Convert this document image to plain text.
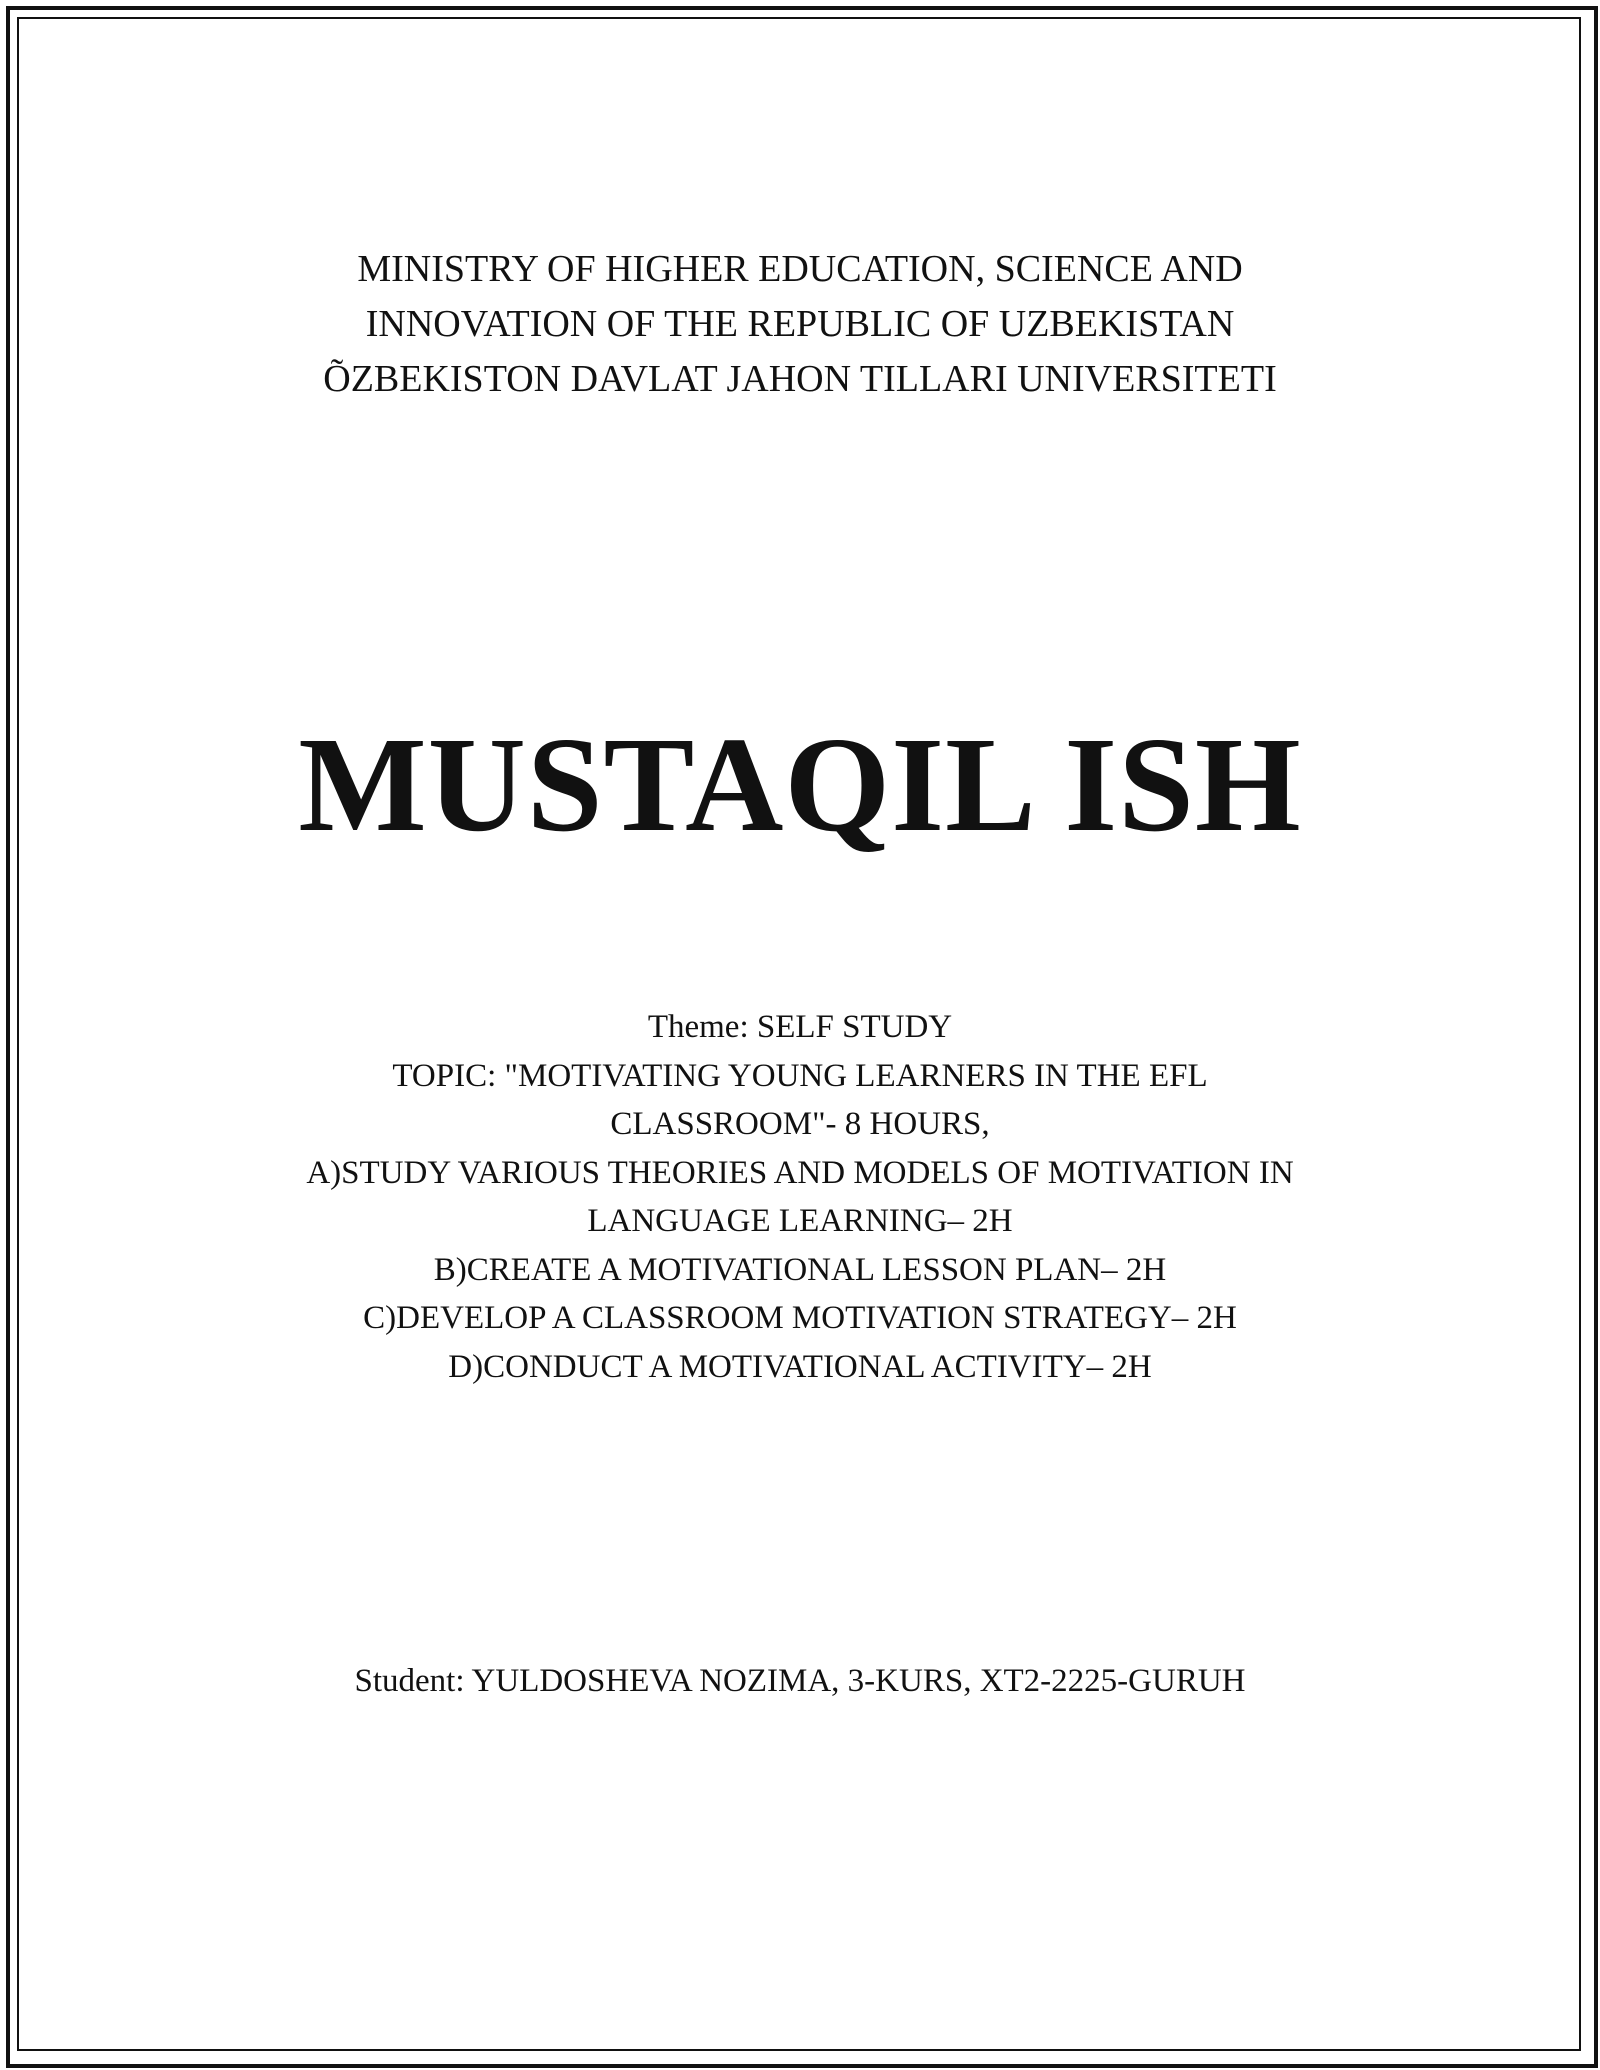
MINISTRY OF HIGHER EDUCATION, SCIENCE AND
INNOVATION OF THE REPUBLIC OF UZBEKISTAN
ÕZBEKISTON DAVLAT JAHON TILLARI UNIVERSITETI
MUSTAQIL ISH
Theme: SELF STUDY
TOPIC: "MOTIVATING YOUNG LEARNERS IN THE EFL
CLASSROOM"- 8 HOURS,
A)STUDY VARIOUS THEORIES AND MODELS OF MOTIVATION IN
LANGUAGE LEARNING– 2H
B)CREATE A MOTIVATIONAL LESSON PLAN– 2H
C)DEVELOP A CLASSROOM MOTIVATION STRATEGY– 2H
D)CONDUCT A MOTIVATIONAL ACTIVITY– 2H
Student: YULDOSHEVA NOZIMA, 3-KURS, XT2-2225-GURUH
